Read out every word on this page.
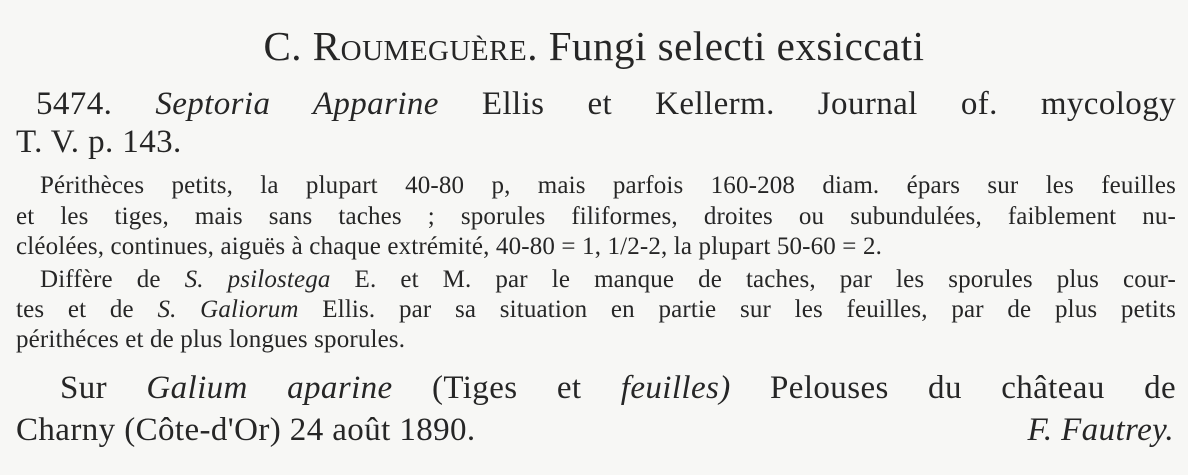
C. Roumeguère. Fungi selecti exsiccati
5474. Septoria Apparine Ellis et Kellerm. Journal of. mycology
T. V. p. 143.
Périthèces petits, la plupart 40-80 p, mais parfois 160-208 diam. épars sur les feuilles
et les tiges, mais sans taches ; sporules filiformes, droites ou subundulées, faiblement nu-
cléolées, continues, aiguës à chaque extrémité, 40-80 = 1, 1/2-2, la plupart 50-60 = 2.
Diffère de S. psilostega E. et M. par le manque de taches, par les sporules plus cour-
tes et de S. Galiorum Ellis. par sa situation en partie sur les feuilles, par de plus petits
périthéces et de plus longues sporules.
Sur Galium aparine (Tiges et feuilles) Pelouses du château de
Charny (Côte-d'Or) 24 août 1890.	F. Fautrey.
